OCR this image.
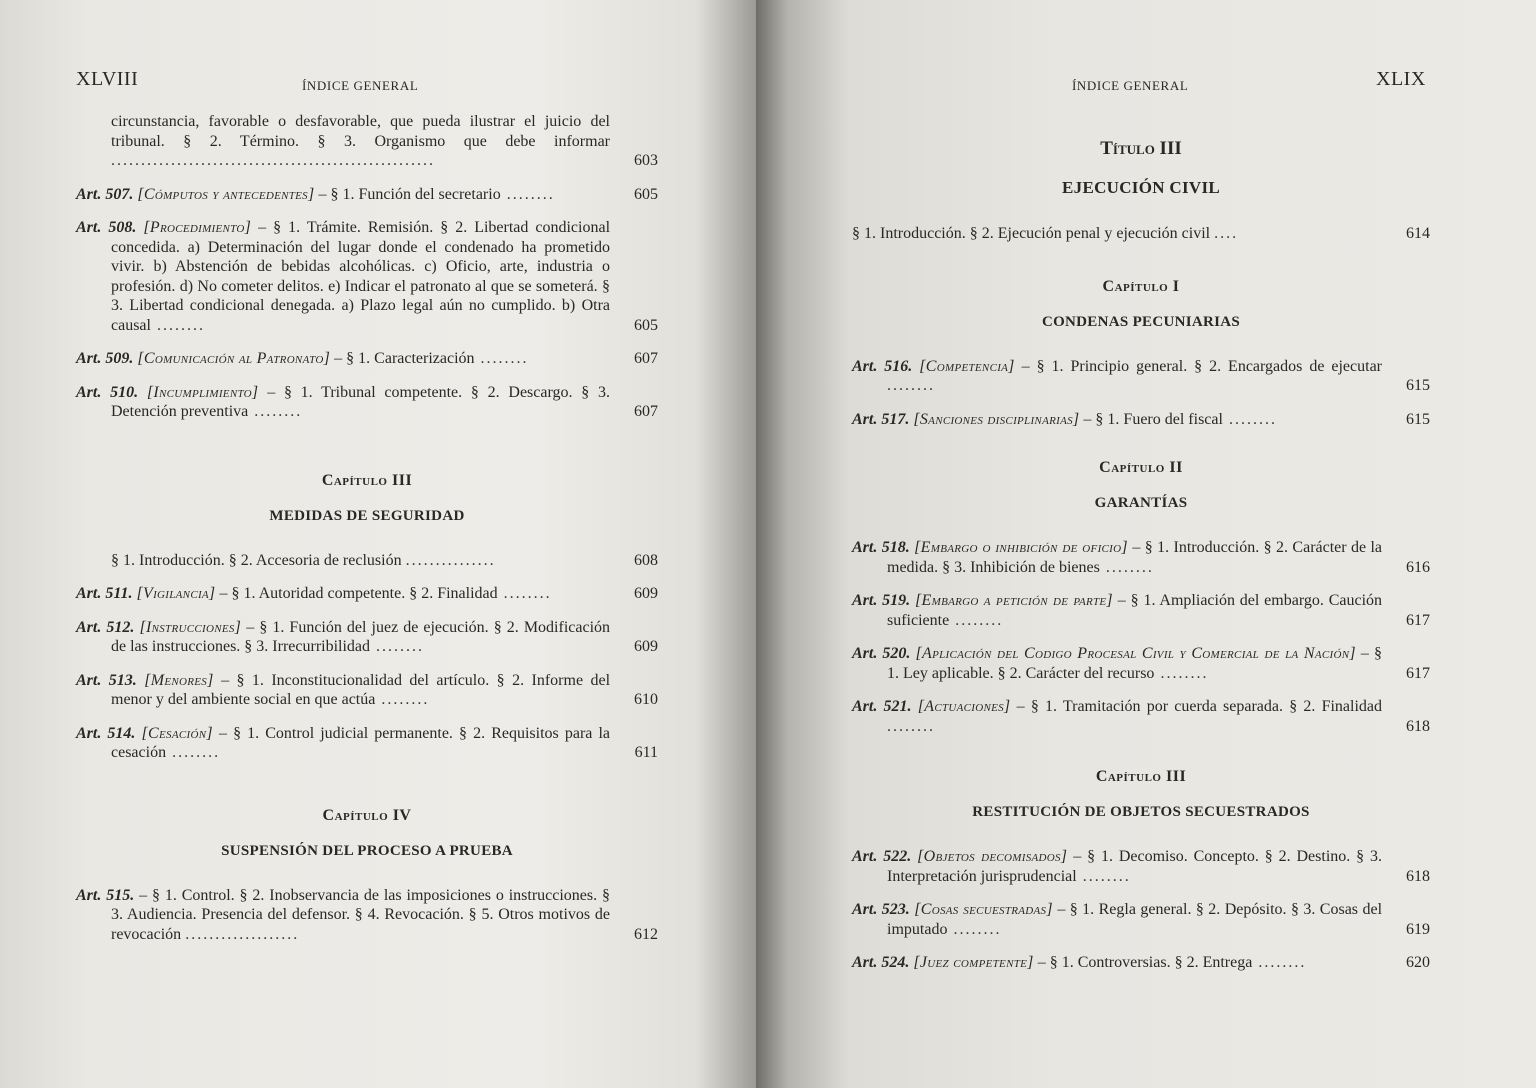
XLVIII	ÍNDICE GENERAL
circunstancia, favorable o desfavorable, que pueda ilustrar el juicio del tribunal. § 2. Término. § 3. Organismo que debe informar ......................................................	603
Art. 507. [Cómputos y antecedentes] – § 1. Función del secretario ........	605
Art. 508. [Procedimiento] – § 1. Trámite. Remisión. § 2. Libertad condicional concedida. a) Determinación del lugar donde el condenado ha prometido vivir. b) Abstención de bebidas alcohólicas. c) Oficio, arte, industria o profesión. d) No cometer delitos. e) Indicar el patronato al que se someterá. § 3. Libertad condicional denegada. a) Plazo legal aún no cumplido. b) Otra causal ........	605
Art. 509. [Comunicación al Patronato] – § 1. Caracterización ........	607
Art. 510. [Incumplimiento] – § 1. Tribunal competente. § 2. Descargo. § 3. Detención preventiva ........	607
Capítulo III
MEDIDAS DE SEGURIDAD
§ 1. Introducción. § 2. Accesoria de reclusión ...............	608
Art. 511. [Vigilancia] – § 1. Autoridad competente. § 2. Finalidad ........	609
Art. 512. [Instrucciones] – § 1. Función del juez de ejecución. § 2. Modificación de las instrucciones. § 3. Irrecurribilidad ........	609
Art. 513. [Menores] – § 1. Inconstitucionalidad del artículo. § 2. Informe del menor y del ambiente social en que actúa ........	610
Art. 514. [Cesación] – § 1. Control judicial permanente. § 2. Requisitos para la cesación ........	611
Capítulo IV
SUSPENSIÓN DEL PROCESO A PRUEBA
Art. 515. – § 1. Control. § 2. Inobservancia de las imposiciones o instrucciones. § 3. Audiencia. Presencia del defensor. § 4. Revocación. § 5. Otros motivos de revocación ...................	612
ÍNDICE GENERAL	XLIX
Título III
EJECUCIÓN CIVIL
§ 1. Introducción. § 2. Ejecución penal y ejecución civil ....	614
Capítulo I
CONDENAS PECUNIARIAS
Art. 516. [Competencia] – § 1. Principio general. § 2. Encargados de ejecutar ........	615
Art. 517. [Sanciones disciplinarias] – § 1. Fuero del fiscal ........	615
Capítulo II
GARANTÍAS
Art. 518. [Embargo o inhibición de oficio] – § 1. Introducción. § 2. Carácter de la medida. § 3. Inhibición de bienes ........	616
Art. 519. [Embargo a petición de parte] – § 1. Ampliación del embargo. Caución suficiente ........	617
Art. 520. [Aplicación del Codigo Procesal Civil y Comercial de la Nación] – § 1. Ley aplicable. § 2. Carácter del recurso ........	617
Art. 521. [Actuaciones] – § 1. Tramitación por cuerda separada. § 2. Finalidad ........	618
Capítulo III
RESTITUCIÓN DE OBJETOS SECUESTRADOS
Art. 522. [Objetos decomisados] – § 1. Decomiso. Concepto. § 2. Destino. § 3. Interpretación jurisprudencial ........	618
Art. 523. [Cosas secuestradas] – § 1. Regla general. § 2. Depósito. § 3. Cosas del imputado ........	619
Art. 524. [Juez competente] – § 1. Controversias. § 2. Entrega ........	620
